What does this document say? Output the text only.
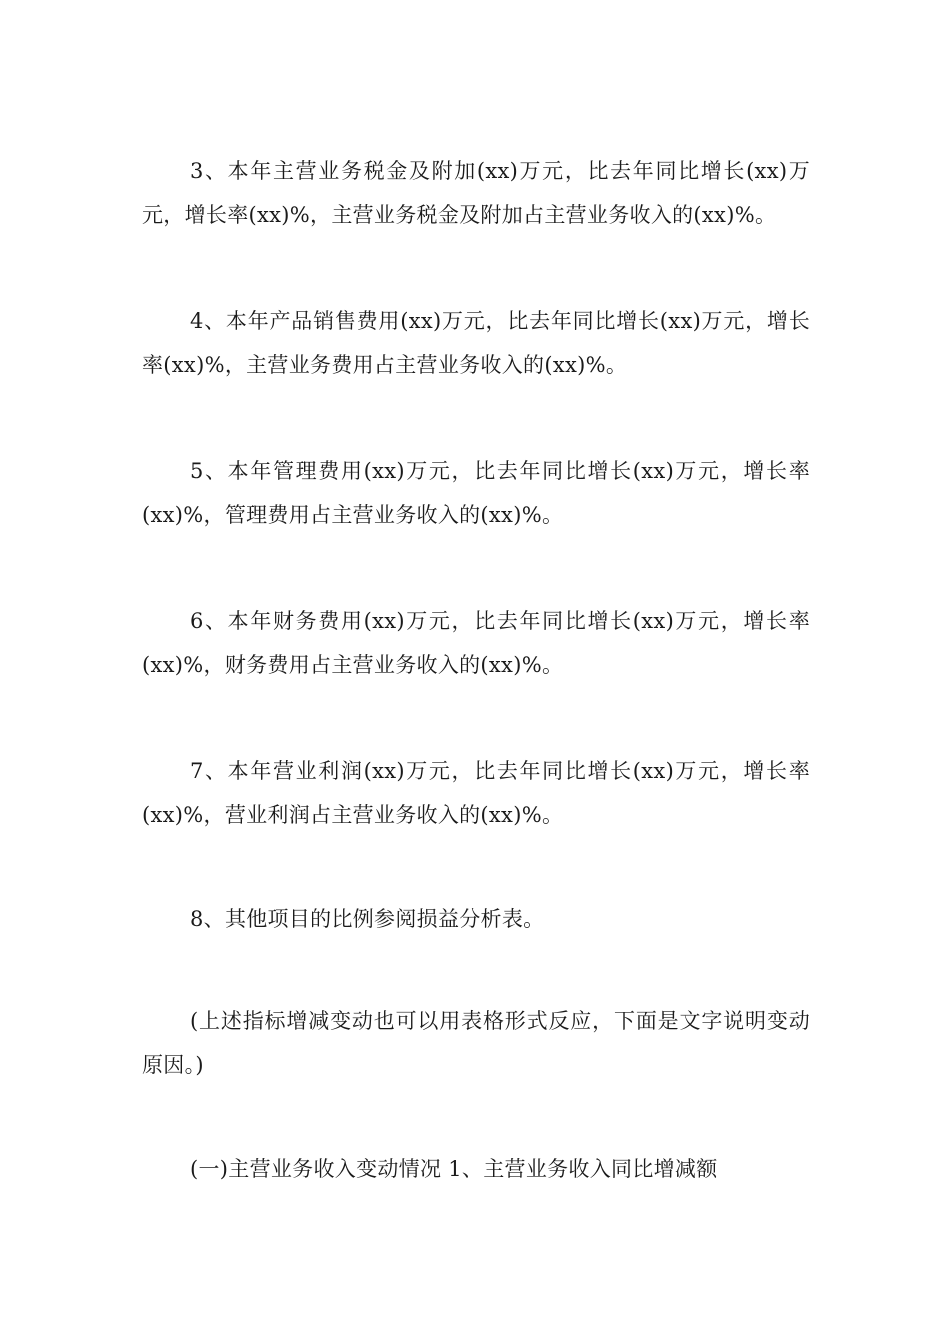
3、本年主营业务税金及附加(xx)万元，比去年同比增长(xx)万元，增长率(xx)%，主营业务税金及附加占主营业务收入的(xx)%。

4、本年产品销售费用(xx)万元，比去年同比增长(xx)万元，增长率(xx)%，主营业务费用占主营业务收入的(xx)%。

5、本年管理费用(xx)万元，比去年同比增长(xx)万元，增长率(xx)%，管理费用占主营业务收入的(xx)%。

6、本年财务费用(xx)万元，比去年同比增长(xx)万元，增长率(xx)%，财务费用占主营业务收入的(xx)%。

7、本年营业利润(xx)万元，比去年同比增长(xx)万元，增长率(xx)%，营业利润占主营业务收入的(xx)%。

8、其他项目的比例参阅损益分析表。

(上述指标增减变动也可以用表格形式反应，下面是文字说明变动原因。)

(一)主营业务收入变动情况 1、主营业务收入同比增减额
